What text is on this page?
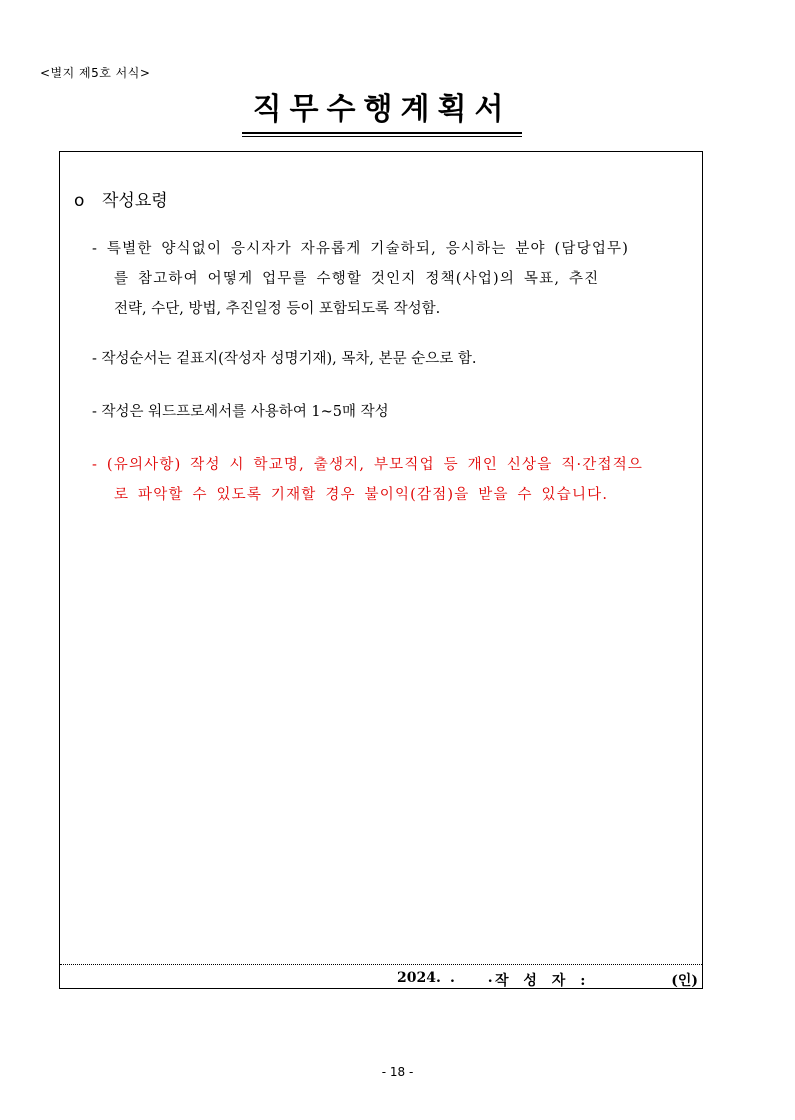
<별지 제5호 서식>
직무수행계획서
o 작성요령
- 특별한 양식없이 응시자가 자유롭게 기술하되, 응시하는 분야 (담당업무)
를 참고하여 어떻게 업무를 수행할 것인지 정책(사업)의 목표, 추진
전략, 수단, 방법, 추진일정 등이 포함되도록 작성함.
- 작성순서는 겉표지(작성자 성명기재), 목차, 본문 순으로 함.
- 작성은 워드프로세서를 사용하여 1~5매 작성
- (유의사항) 작성 시 학교명, 출생지, 부모직업 등 개인 신상을 직·간접적으
로 파악할 수 있도록 기재할 경우 불이익(감점)을 받을 수 있습니다.
2024. . .
작 성 자 :	(인)
- 18 -
